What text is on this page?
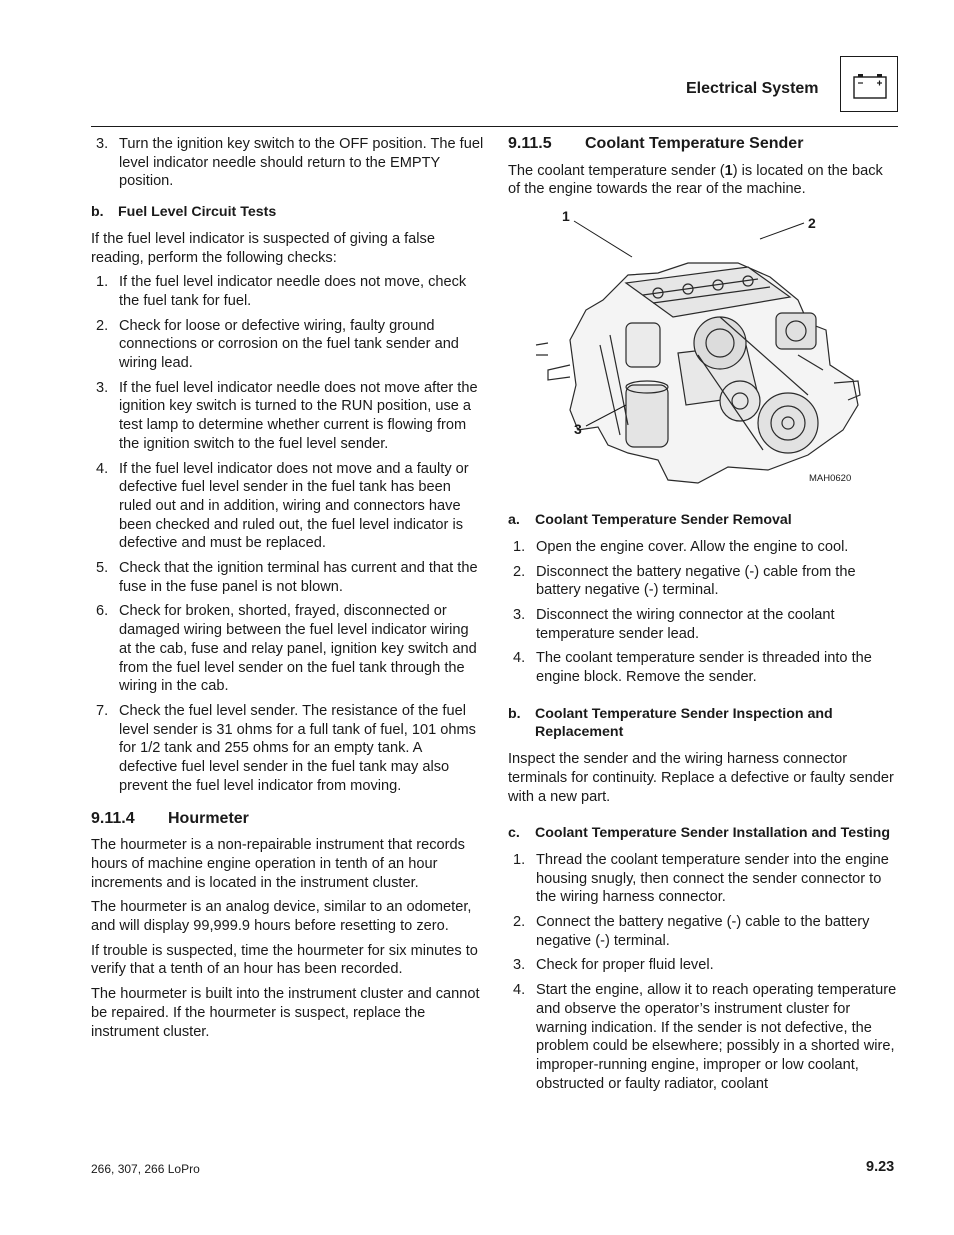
Electrical System
3. Turn the ignition key switch to the OFF position. The fuel level indicator needle should return to the EMPTY position.
b.	Fuel Level Circuit Tests

If the fuel level indicator is suspected of giving a false reading, perform the following checks:

1. If the fuel level indicator needle does not move, check the fuel tank for fuel.
2. Check for loose or defective wiring, faulty ground connections or corrosion on the fuel tank sender and wiring lead.
3. If the fuel level indicator needle does not move after the ignition key switch is turned to the RUN position, use a test lamp to determine whether current is flowing from the ignition switch to the fuel level sender.
4. If the fuel level indicator does not move and a faulty or defective fuel level sender in the fuel tank has been ruled out and in addition, wiring and connectors have been checked and ruled out, the fuel level indicator is defective and must be replaced.
5. Check that the ignition terminal has current and that the fuse in the fuse panel is not blown.
6. Check for broken, shorted, frayed, disconnected or damaged wiring between the fuel level indicator wiring at the cab, fuse and relay panel, ignition key switch and from the fuel level sender on the fuel tank through the wiring in the cab.
7. Check the fuel level sender. The resistance of the fuel level sender is 31 ohms for a full tank of fuel, 101 ohms for 1/2 tank and 255 ohms for an empty tank. A defective fuel level sender in the fuel tank may also prevent the fuel level indicator from moving.
9.11.4	Hourmeter

The hourmeter is a non-repairable instrument that records hours of machine engine operation in tenth of an hour increments and is located in the instrument cluster.

The hourmeter is an analog device, similar to an odometer, and will display 99,999.9 hours before resetting to zero.

If trouble is suspected, time the hourmeter for six minutes to verify that a tenth of an hour has been recorded.

The hourmeter is built into the instrument cluster and cannot be repaired. If the hourmeter is suspect, replace the instrument cluster.

9.11.5	Coolant Temperature Sender

The coolant temperature sender (1) is located on the back of the engine towards the rear of the machine.

1	2
3
MAH0620
a.	Coolant Temperature Sender Removal
1. Open the engine cover. Allow the engine to cool.
2. Disconnect the battery negative (-) cable from the battery negative (-) terminal.
3. Disconnect the wiring connector at the coolant temperature sender lead.
4. The coolant temperature sender is threaded into the engine block. Remove the sender.
b.	Coolant Temperature Sender Inspection and Replacement

Inspect the sender and the wiring harness connector terminals for continuity. Replace a defective or faulty sender with a new part.

c.	Coolant Temperature Sender Installation and Testing
1. Thread the coolant temperature sender into the engine housing snugly, then connect the sender connector to the wiring harness connector.
2. Connect the battery negative (-) cable to the battery negative (-) terminal.
3. Check for proper fluid level.
4. Start the engine, allow it to reach operating temperature and observe the operator’s instrument cluster for warning indication. If the sender is not defective, the problem could be elsewhere; possibly in a shorted wire, improper-running engine, improper or low coolant, obstructed or faulty radiator, coolant
266, 307, 266 LoPro	9.23
